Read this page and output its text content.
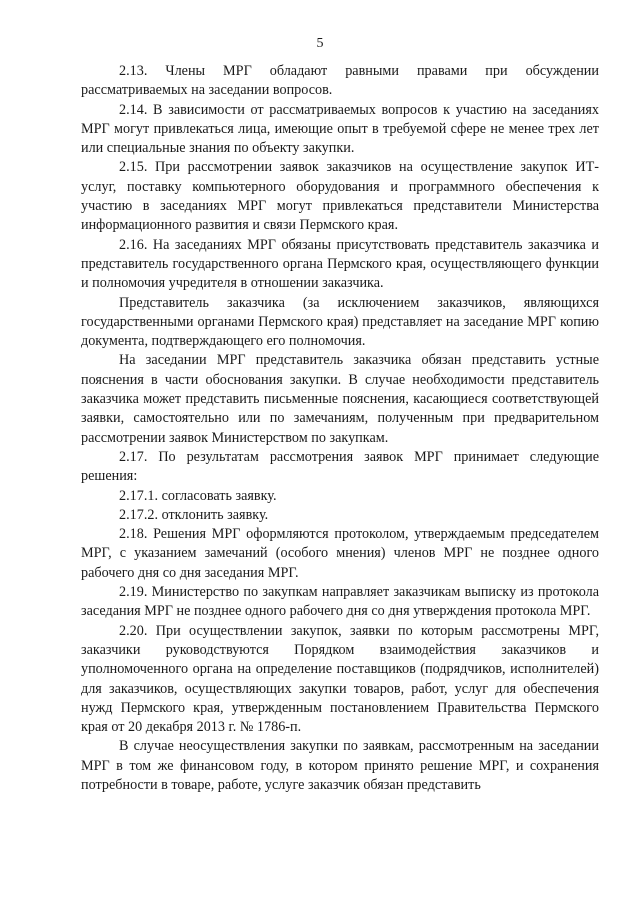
5

2.13. Члены МРГ обладают равными правами при обсуждении рассматриваемых на заседании вопросов.

2.14. В зависимости от рассматриваемых вопросов к участию на заседаниях МРГ могут привлекаться лица, имеющие опыт в требуемой сфере не менее трех лет или специальные знания по объекту закупки.

2.15. При рассмотрении заявок заказчиков на осуществление закупок ИТ-услуг, поставку компьютерного оборудования и программного обеспечения к участию в заседаниях МРГ могут привлекаться представители Министерства информационного развития и связи Пермского края.

2.16. На заседаниях МРГ обязаны присутствовать представитель заказчика и представитель государственного органа Пермского края, осуществляющего функции и полномочия учредителя в отношении заказчика.

Представитель заказчика (за исключением заказчиков, являющихся государственными органами Пермского края) представляет на заседание МРГ копию документа, подтверждающего его полномочия.

На заседании МРГ представитель заказчика обязан представить устные пояснения в части обоснования закупки. В случае необходимости представитель заказчика может представить письменные пояснения, касающиеся соответствующей заявки, самостоятельно или по замечаниям, полученным при предварительном рассмотрении заявок Министерством по закупкам.

2.17. По результатам рассмотрения заявок МРГ принимает следующие решения:

2.17.1. согласовать заявку.

2.17.2. отклонить заявку.

2.18. Решения МРГ оформляются протоколом, утверждаемым председателем МРГ, с указанием замечаний (особого мнения) членов МРГ не позднее одного рабочего дня со дня заседания МРГ.

2.19. Министерство по закупкам направляет заказчикам выписку из протокола заседания МРГ не позднее одного рабочего дня со дня утверждения протокола МРГ.

2.20. При осуществлении закупок, заявки по которым рассмотрены МРГ, заказчики руководствуются Порядком взаимодействия заказчиков и уполномоченного органа на определение поставщиков (подрядчиков, исполнителей) для заказчиков, осуществляющих закупки товаров, работ, услуг для обеспечения нужд Пермского края, утвержденным постановлением Правительства Пермского края от 20 декабря 2013 г. № 1786-п.

В случае неосуществления закупки по заявкам, рассмотренным на заседании МРГ в том же финансовом году, в котором принято решение МРГ, и сохранения потребности в товаре, работе, услуге заказчик обязан представить
